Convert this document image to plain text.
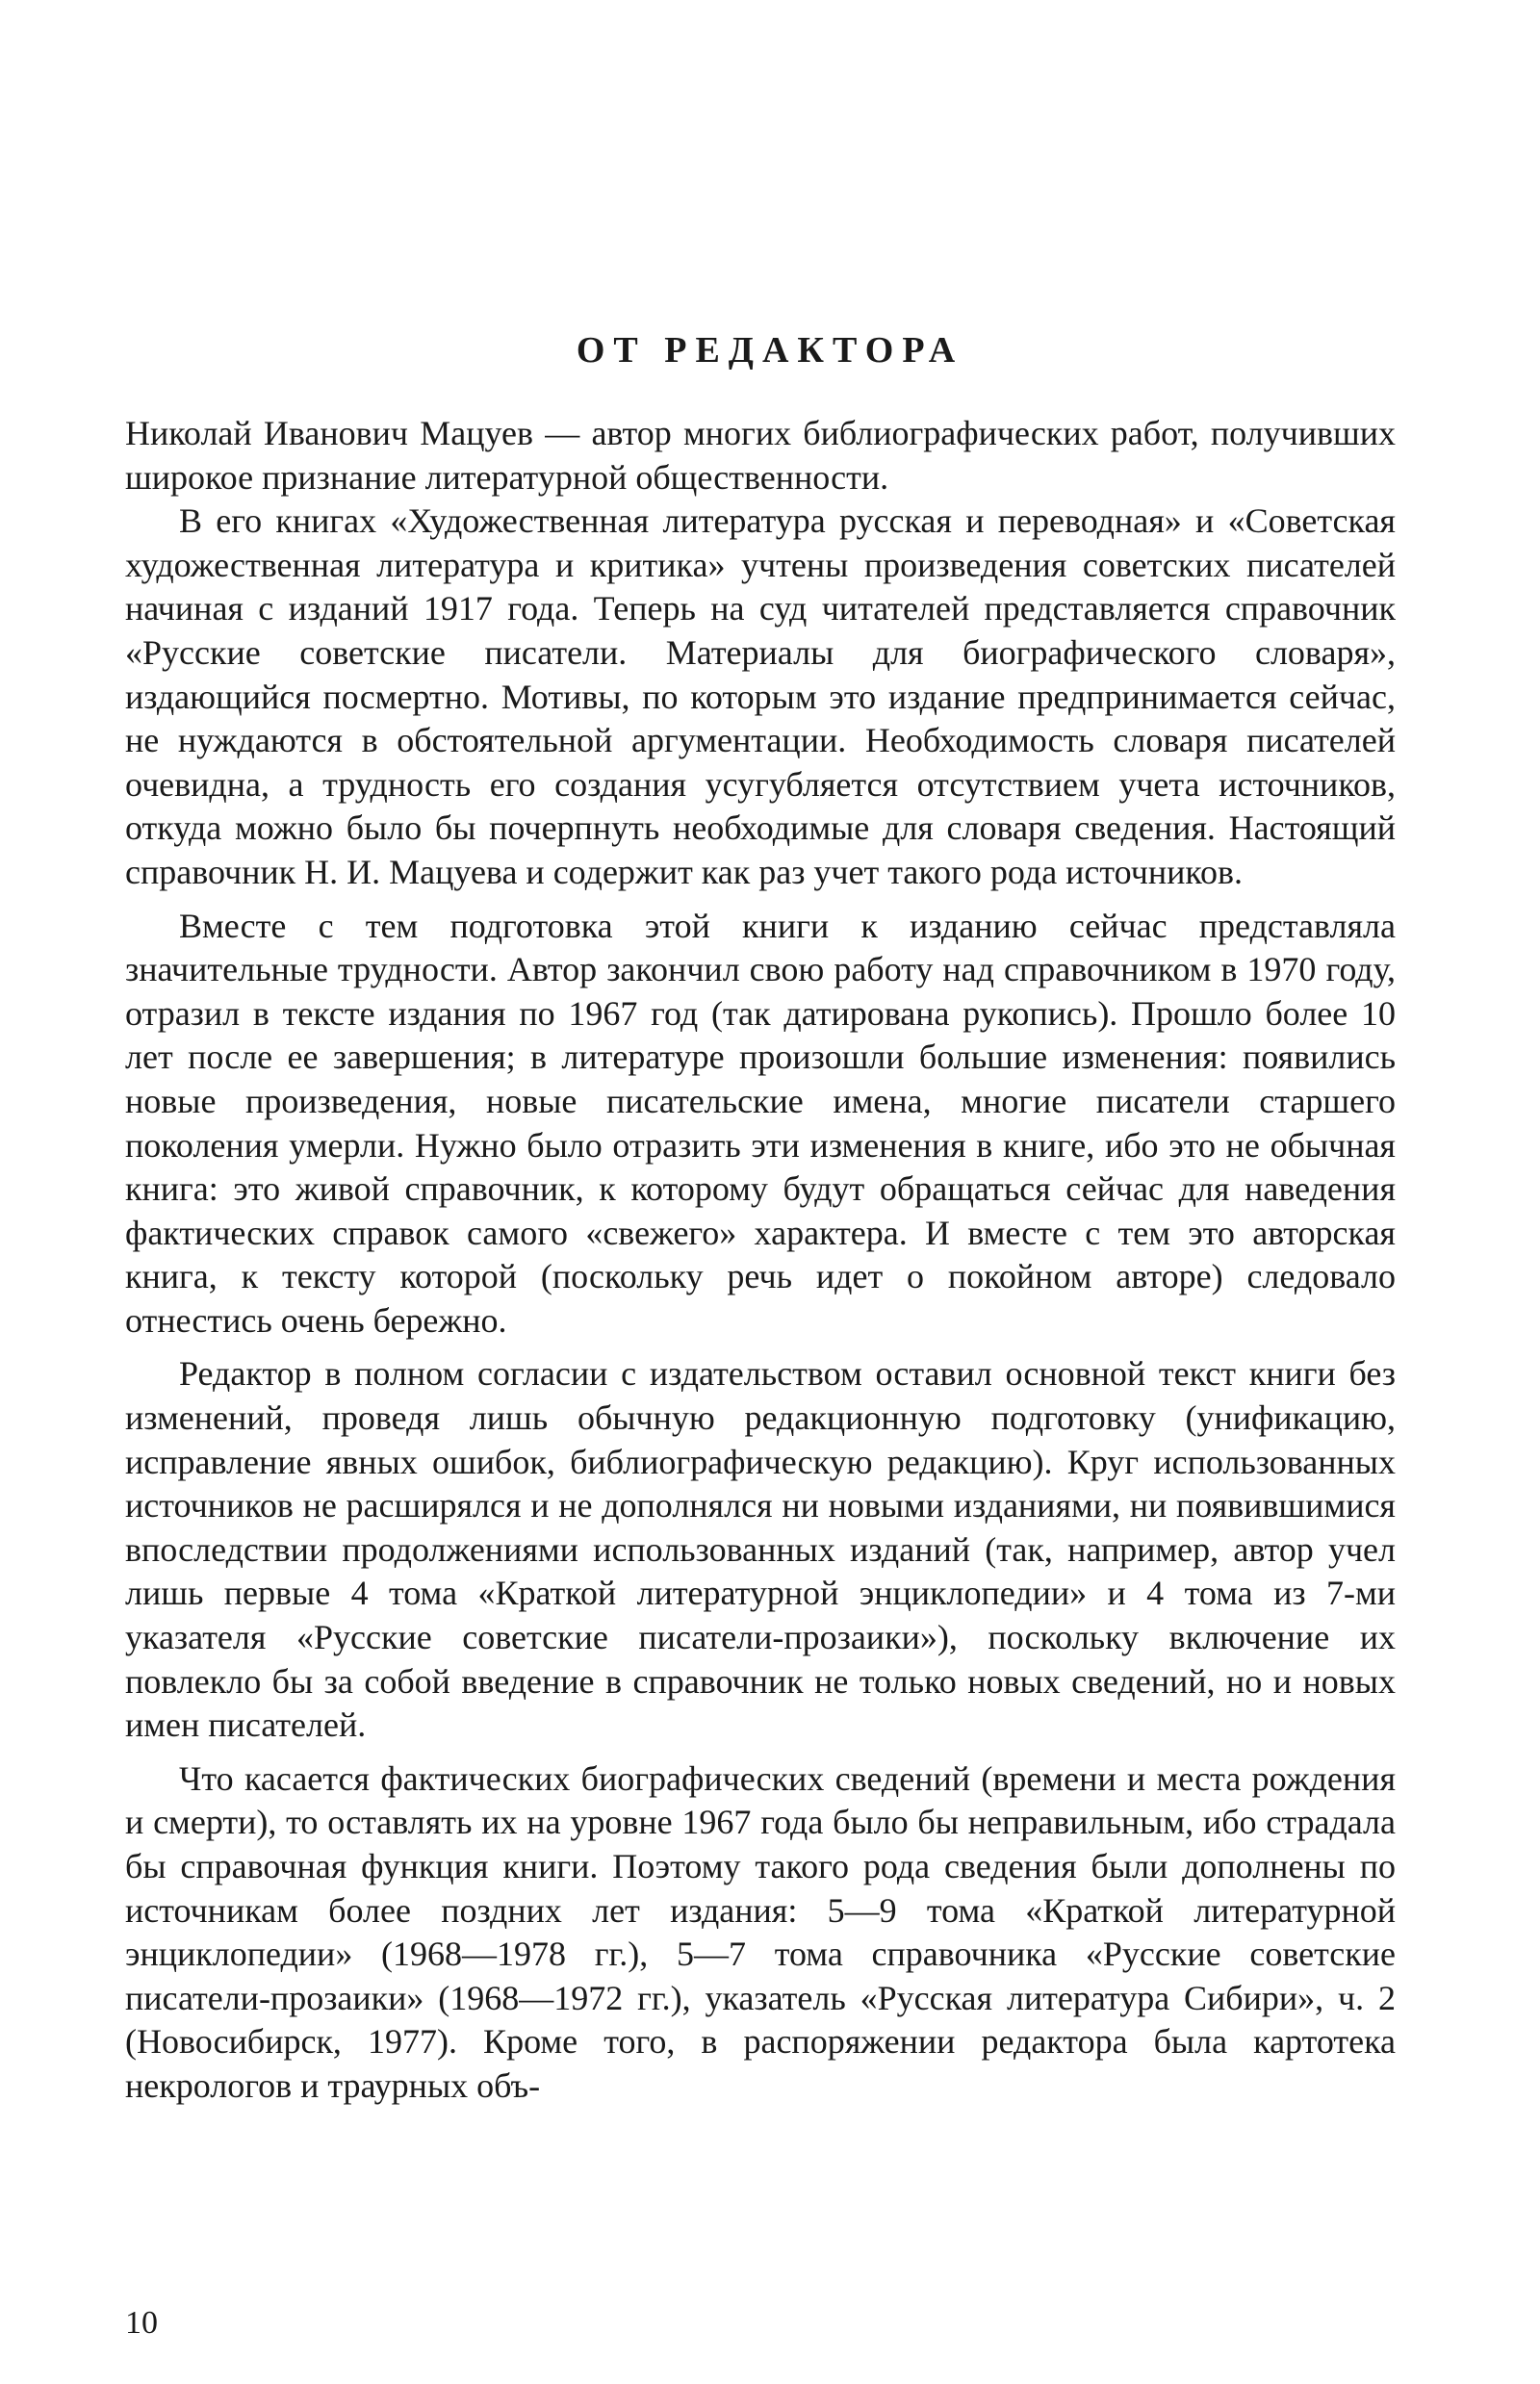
ОТ РЕДАКТОРА

Николай Иванович Мацуев — автор многих библиографических работ, получивших широкое признание литературной общественности.

В его книгах «Художественная литература русская и переводная» и «Советская художественная литература и критика» учтены произведения советских писателей начиная с изданий 1917 года. Теперь на суд читателей представляется справочник «Русские советские писатели. Материалы для биографического словаря», издающийся посмертно. Мотивы, по которым это издание предпринимается сейчас, не нуждаются в обстоятельной аргументации. Необходимость словаря писателей очевидна, а трудность его создания усугубляется отсутствием учета источников, откуда можно было бы почерпнуть необходимые для словаря сведения. Настоящий справочник Н. И. Мацуева и содержит как раз учет такого рода источников.

Вместе с тем подготовка этой книги к изданию сейчас представляла значительные трудности. Автор закончил свою работу над справочником в 1970 году, отразил в тексте издания по 1967 год (так датирована рукопись). Прошло более 10 лет после ее завершения; в литературе произошли большие изменения: появились новые произведения, новые писательские имена, многие писатели старшего поколения умерли. Нужно было отразить эти изменения в книге, ибо это не обычная книга: это живой справочник, к которому будут обращаться сейчас для наведения фактических справок самого «свежего» характера. И вместе с тем это авторская книга, к тексту которой (поскольку речь идет о покойном авторе) следовало отнестись очень бережно.

Редактор в полном согласии с издательством оставил основной текст книги без изменений, проведя лишь обычную редакционную подготовку (унификацию, исправление явных ошибок, библиографическую редакцию). Круг использованных источников не расширялся и не дополнялся ни новыми изданиями, ни появившимися впоследствии продолжениями использованных изданий (так, например, автор учел лишь первые 4 тома «Краткой литературной энциклопедии» и 4 тома из 7-ми указателя «Русские советские писатели-прозаики»), поскольку включение их повлекло бы за собой введение в справочник не только новых сведений, но и новых имен писателей.

Что касается фактических биографических сведений (времени и места рождения и смерти), то оставлять их на уровне 1967 года было бы неправильным, ибо страдала бы справочная функция книги. Поэтому такого рода сведения были дополнены по источникам более поздних лет издания: 5—9 тома «Краткой литературной энциклопедии» (1968—1978 гг.), 5—7 тома справочника «Русские советские писатели-прозаики» (1968—1972 гг.), указатель «Русская литература Сибири», ч. 2 (Новосибирск, 1977). Кроме того, в распоряжении редактора была картотека некрологов и траурных объ-

10
